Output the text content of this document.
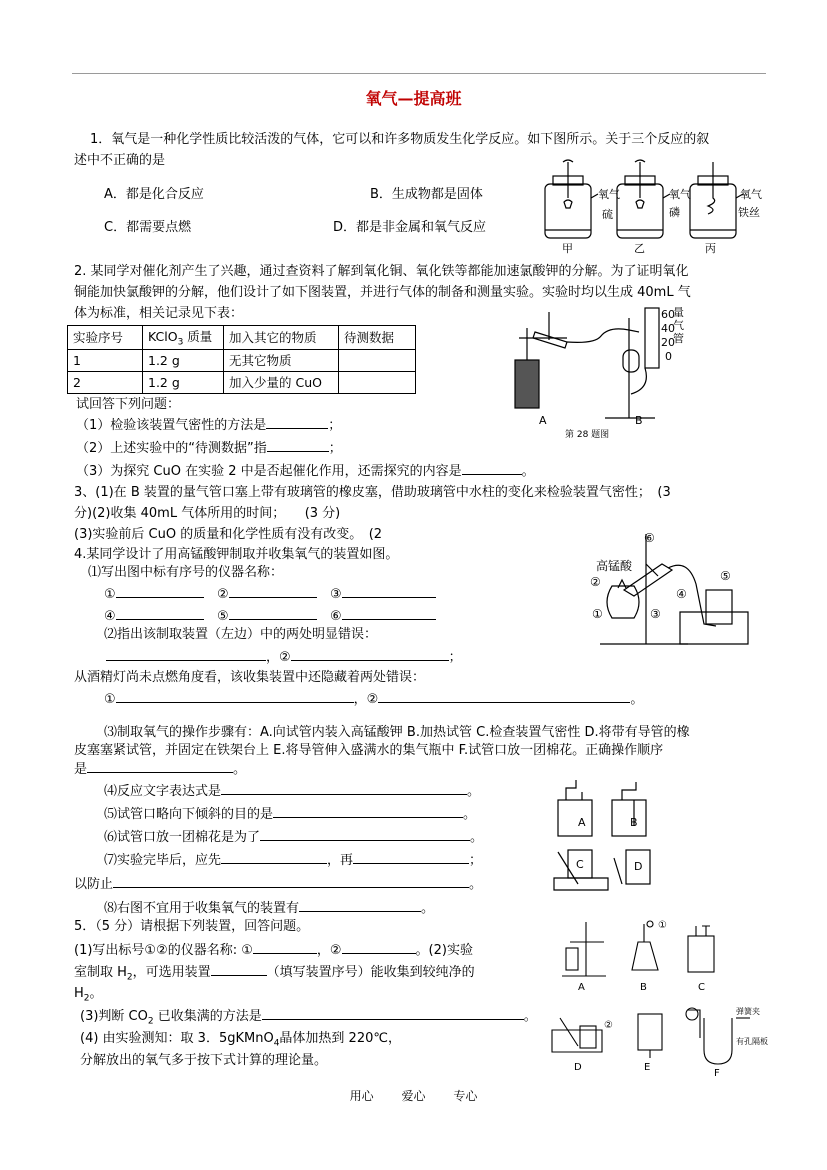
氧气—提高班
1．氧气是一种化学性质比较活泼的气体，它可以和许多物质发生化学反应。如下图所示。关于三个反应的叙
述中不正确的是
A．都是化合反应	B．生成物都是固体
C．都需要点燃	D．都是非金属和氧气反应
氧气
硫
氧气
磷
氧气
铁丝
甲	乙	丙
2. 某同学对催化剂产生了兴趣，通过查资料了解到氧化铜、氧化铁等都能加速氯酸钾的分解。为了证明氧化
铜能加快氯酸钾的分解，他们设计了如下图装置，并进行气体的制备和测量实验。实验时均以生成 40mL 气
体为标准，相关记录见下表：
实验序号	KClO$_3$ 质量	加入其它的物质	待测数据
1	1.2 g	无其它物质	
2	1.2 g	加入少量的 CuO	
60
40
20
0
量
气
管
A	B
第 28 题图
试回答下列问题：
（1）检验该装置气密性的方法是	；
（2）上述实验中的“待测数据”指	；
（3）为探究 CuO 在实验 2 中是否起催化作用，还需探究的内容是	。
3、(1)在 B 装置的量气管口塞上带有玻璃管的橡皮塞，借助玻璃管中水柱的变化来检验装置气密性；　(3
分)(2)收集 40mL 气体所用的时间；　　(3 分)
(3)实验前后 CuO 的质量和化学性质有没有改变。　(2
4.某同学设计了用高锰酸钾制取并收集氧气的装置如图。
⑴写出图中标有序号的仪器名称：
①	②	③
④	⑤	⑥
⑵指出该制取装置（左边）中的两处明显错误：
，②	；
从酒精灯尚未点燃角度看，该收集装置中还隐藏着两处错误：
①	，②	。
高锰酸
⑥
②
③
⑤
④
①
⑶制取氧气的操作步骤有：A.向试管内装入高锰酸钾 B.加热试管 C.检查装置气密性 D.将带有导管的橡
皮塞塞紧试管，并固定在铁架台上 E.将导管伸入盛满水的集气瓶中 F.试管口放一团棉花。正确操作顺序
是	。
⑷反应文字表达式是	。
⑸试管口略向下倾斜的目的是	。
⑹试管口放一团棉花是为了	。
⑺实验完毕后，应先	，再	；
以防止	。
⑻右图不宜用于收集氧气的装置有	。
A	B
C	D
5．（5 分）请根据下列装置，回答问题。
(1)写出标号①②的仪器名称: ①	，②	。(2)实验
室制取 $H_2$，可选用装置	（填写装置序号）能收集到较纯净的
$H_2$。
(3)判断 $CO_2$ 已收集满的方法是	。
(4) 由实验测知：取 3．5gKMnO$_4$晶体加热到 220℃，
分解放出的氧气多于按下式计算的理论量。
①
②
A	B	C
D	E
F
弹簧夹
有孔隔板
用心 爱心 专心
